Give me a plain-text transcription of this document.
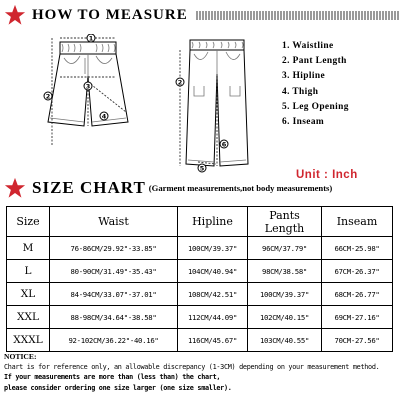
HOW TO MEASURE
1
2
3
4
2
6
5
1. Waistline
2. Pant Length
3. Hipline
4. Thigh
5. Leg Opening
6. Inseam
Unit : Inch
SIZE CHART (Garment measurements,not body measurements)
Size	Waist	Hipline	Pants Length	Inseam
M	76-86CM/29.92"-33.85"	100CM/39.37"	96CM/37.79"	66CM-25.98"
L	80-90CM/31.49"-35.43"	104CM/40.94"	98CM/38.58"	67CM-26.37"
XL	84-94CM/33.07"-37.01"	108CM/42.51"	100CM/39.37"	68CM-26.77"
XXL	88-98CM/34.64"-38.58"	112CM/44.09"	102CM/40.15"	69CM-27.16"
XXXL	92-102CM/36.22"-40.16"	116CM/45.67"	103CM/40.55"	70CM-27.56"
NOTICE:
Chart is for reference only, an allowable discrepancy (1-3CM) depending on your measurement method.
If your measurements are more than (less than) the chart,
please consider ordering one size larger (one size smaller).
